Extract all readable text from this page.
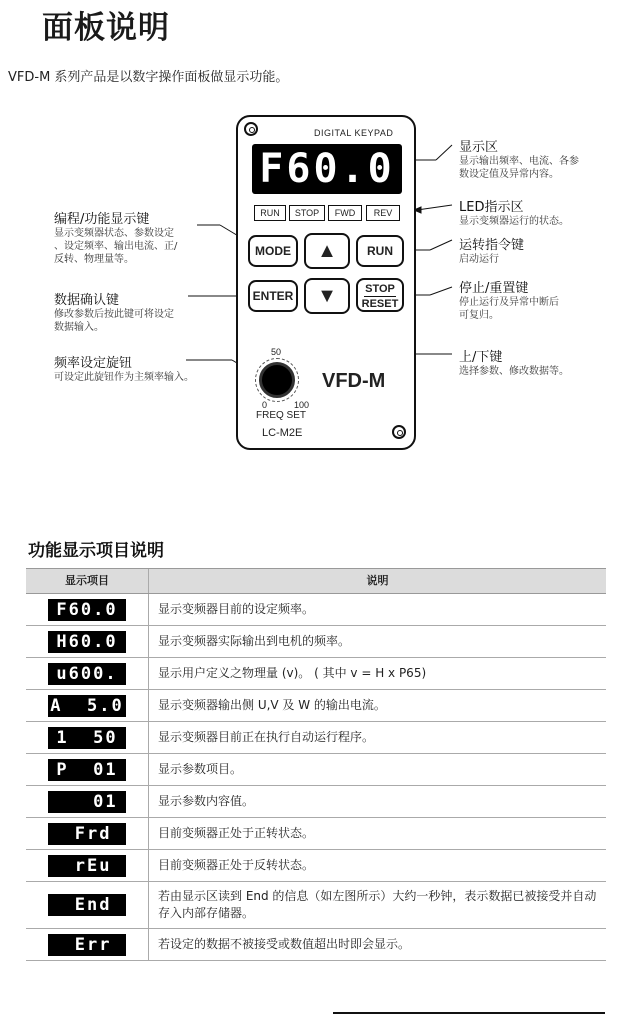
面板说明
VFD-M 系列产品是以数字操作面板做显示功能。
DIGITAL KEYPAD
F60.0
RUN	STOP	FWD	REV
MODE	▲	RUN
ENTER	▼	STOP
RESET
50
0	100
FREQ SET
VFD-M
LC-M2E
显示区
显示输出频率、电流、各参
数设定值及异常内容。
LED指示区
显示变频器运行的状态。
运转指令键
启动运行
停止/重置键
停止运行及异常中断后
可复归。
上/下键
选择参数、修改数据等。
编程/功能显示键
显示变频器状态、参数设定
、设定频率、输出电流、正/
反转、物理量等。
数据确认键
修改参数后按此键可将设定
数据输入。
频率设定旋钮
可设定此旋钮作为主频率输入。
功能显示项目说明
显示项目	说明
F60.0	显示变频器目前的设定频率。
H60.0	显示变频器实际输出到电机的频率。
u600.	显示用户定义之物理量 (v)。 ( 其中 v = H x P65)
A  5.0	显示变频器输出侧 U,V 及 W 的输出电流。
1  50	显示变频器目前正在执行自动运行程序。
P  01	显示参数项目。
01	显示参数内容值。
Frd	目前变频器正处于正转状态。
rEu	目前变频器正处于反转状态。
End	若由显示区读到 End 的信息（如左图所示）大约一秒钟，表示数据已被接受并自动存入内部存储器。
Err	若设定的数据不被接受或数值超出时即会显示。
